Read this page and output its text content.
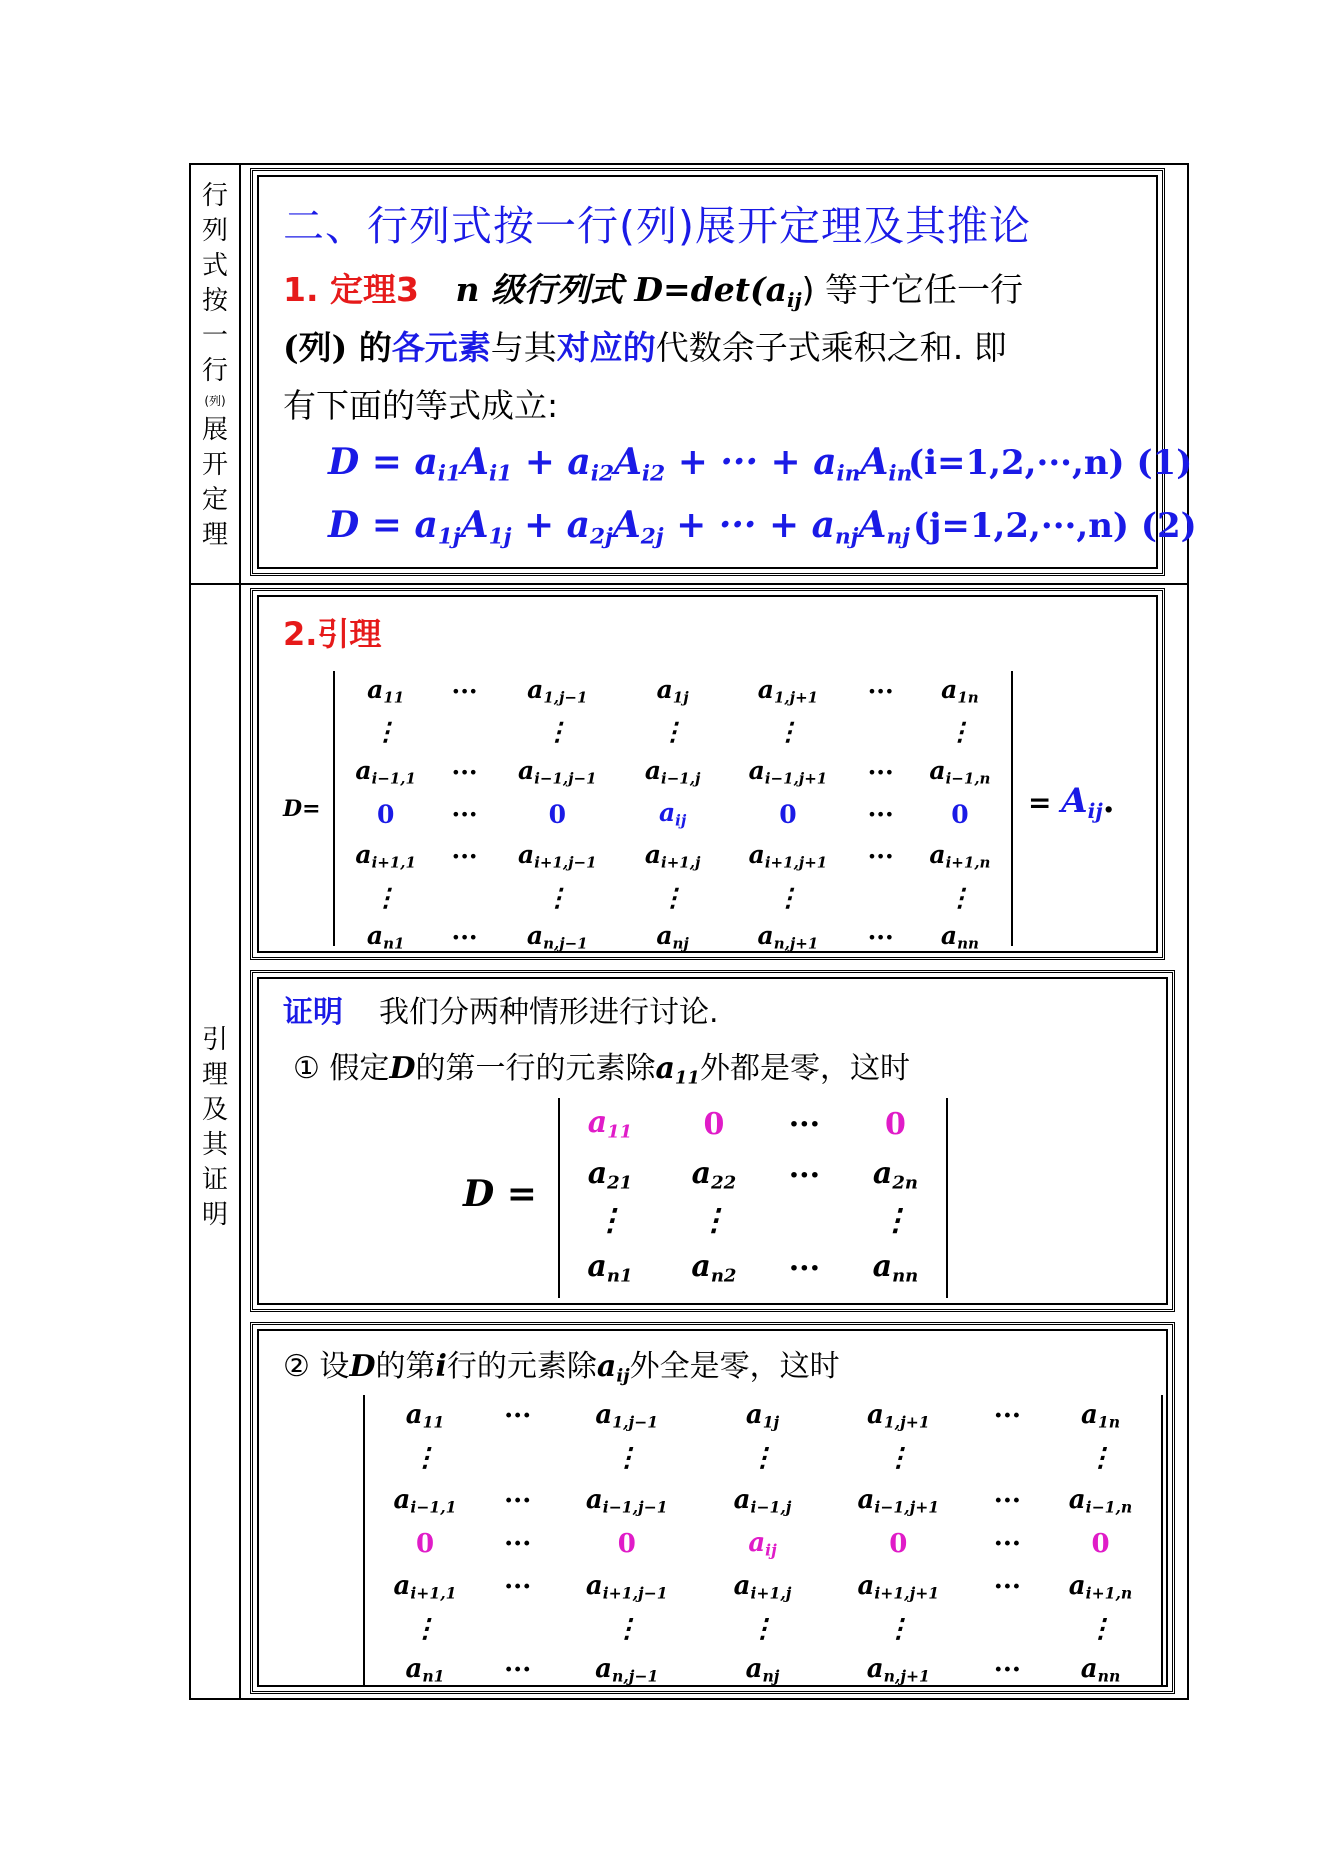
行
列
式
按
一
行
(列)
展
开
定
理
引
理
及
其
证
明
二、行列式按一行(列)展开定理及其推论
1. 定理3 n 级行列式 $D=\det(a_{ij})$ 等于它任一行
(列) 的各元素与其对应的代数余子式乘积之和. 即
有下面的等式成立:
$D = a_{i1}A_{i1} + a_{i2}A_{i2}$ + ··· + $a_{in}A_{in}$
(i=1,2,···,n) (1)
$D = a_{1j}A_{1j} + a_{2j}A_{2j}$ + ··· + $a_{nj}A_{nj}$ (j=1,2,···,n) (2)
2.引理
D=
$a_{11}$	···	$a_{1,j-1}$	$a_{1j}$	$a_{1,j+1}$	···	$a_{1n}$
⋮		⋮	⋮	⋮		⋮
$a_{i-1,1}$	···	$a_{i-1,j-1}$	$a_{i-1,j}$	$a_{i-1,j+1}$	···	$a_{i-1,n}$
0	···	0	$a_{ij}$	0	···	0
$a_{i+1,1}$	···	$a_{i+1,j-1}$	$a_{i+1,j}$	$a_{i+1,j+1}$	···	$a_{i+1,n}$
⋮		⋮	⋮	⋮		⋮
$a_{n1}$	···	$a_{n,j-1}$	$a_{nj}$	$a_{n,j+1}$	···	$a_{nn}$
= $A_{ij}$.
证明 我们分两种情形进行讨论.
① 假定D的第一行的元素除$a_{11}$外都是零，这时
D =
$a_{11}$	0	···	0
$a_{21}$	$a_{22}$	···	$a_{2n}$
⋮	⋮		⋮
$a_{n1}$	$a_{n2}$	···	$a_{nn}$
② 设D的第i行的元素除$a_{ij}$外全是零，这时
$a_{11}$	···	$a_{1,j-1}$	$a_{1j}$	$a_{1,j+1}$	···	$a_{1n}$
⋮		⋮	⋮	⋮		⋮
$a_{i-1,1}$	···	$a_{i-1,j-1}$	$a_{i-1,j}$	$a_{i-1,j+1}$	···	$a_{i-1,n}$
0	···	0	$a_{ij}$	0	···	0
$a_{i+1,1}$	···	$a_{i+1,j-1}$	$a_{i+1,j}$	$a_{i+1,j+1}$	···	$a_{i+1,n}$
⋮		⋮	⋮	⋮		⋮
$a_{n1}$	···	$a_{n,j-1}$	$a_{nj}$	$a_{n,j+1}$	···	$a_{nn}$
